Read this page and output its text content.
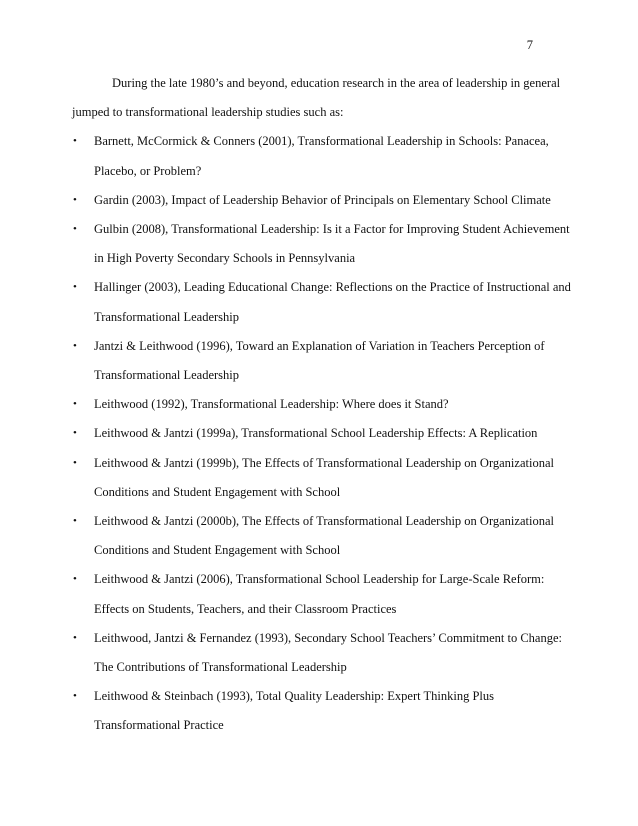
7

During the late 1980’s and beyond, education research in the area of leadership in general jumped to transformational leadership studies such as:

• Barnett, McCormick & Conners (2001), Transformational Leadership in Schools: Panacea, Placebo, or Problem?
• Gardin (2003), Impact of Leadership Behavior of Principals on Elementary School Climate
• Gulbin (2008), Transformational Leadership: Is it a Factor for Improving Student Achievement in High Poverty Secondary Schools in Pennsylvania
• Hallinger (2003), Leading Educational Change: Reflections on the Practice of Instructional and Transformational Leadership
• Jantzi & Leithwood (1996), Toward an Explanation of Variation in Teachers Perception of Transformational Leadership
• Leithwood (1992), Transformational Leadership: Where does it Stand?
• Leithwood & Jantzi (1999a), Transformational School Leadership Effects: A Replication
• Leithwood & Jantzi (1999b), The Effects of Transformational Leadership on Organizational Conditions and Student Engagement with School
• Leithwood & Jantzi (2000b), The Effects of Transformational Leadership on Organizational Conditions and Student Engagement with School
• Leithwood & Jantzi (2006), Transformational School Leadership for Large-Scale Reform: Effects on Students, Teachers, and their Classroom Practices
• Leithwood, Jantzi & Fernandez (1993), Secondary School Teachers’ Commitment to Change: The Contributions of Transformational Leadership
• Leithwood & Steinbach (1993), Total Quality Leadership: Expert Thinking Plus Transformational Practice
